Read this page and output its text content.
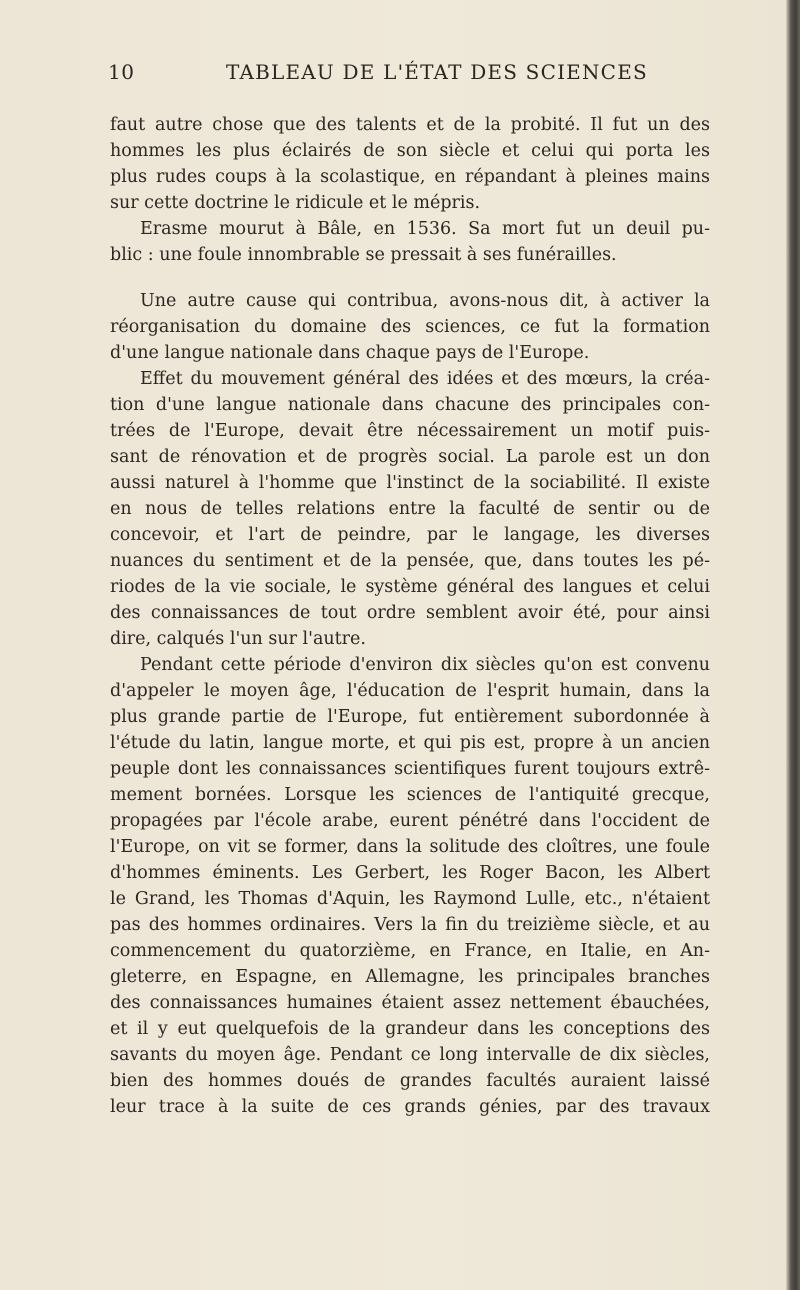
10	TABLEAU DE L'ÉTAT DES SCIENCES
faut autre chose que des talents et de la probité. Il fut un des
hommes les plus éclairés de son siècle et celui qui porta les
plus rudes coups à la scolastique, en répandant à pleines mains
sur cette doctrine le ridicule et le mépris.
Erasme mourut à Bâle, en 1536. Sa mort fut un deuil pu-
blic : une foule innombrable se pressait à ses funérailles.
Une autre cause qui contribua, avons-nous dit, à activer la
réorganisation du domaine des sciences, ce fut la formation
d'une langue nationale dans chaque pays de l'Europe.
Effet du mouvement général des idées et des mœurs, la créa-
tion d'une langue nationale dans chacune des principales con-
trées de l'Europe, devait être nécessairement un motif puis-
sant de rénovation et de progrès social. La parole est un don
aussi naturel à l'homme que l'instinct de la sociabilité. Il existe
en nous de telles relations entre la faculté de sentir ou de
concevoir, et l'art de peindre, par le langage, les diverses
nuances du sentiment et de la pensée, que, dans toutes les pé-
riodes de la vie sociale, le système général des langues et celui
des connaissances de tout ordre semblent avoir été, pour ainsi
dire, calqués l'un sur l'autre.
Pendant cette période d'environ dix siècles qu'on est convenu
d'appeler le moyen âge, l'éducation de l'esprit humain, dans la
plus grande partie de l'Europe, fut entièrement subordonnée à
l'étude du latin, langue morte, et qui pis est, propre à un ancien
peuple dont les connaissances scientifiques furent toujours extrê-
mement bornées. Lorsque les sciences de l'antiquité grecque,
propagées par l'école arabe, eurent pénétré dans l'occident de
l'Europe, on vit se former, dans la solitude des cloîtres, une foule
d'hommes éminents. Les Gerbert, les Roger Bacon, les Albert
le Grand, les Thomas d'Aquin, les Raymond Lulle, etc., n'étaient
pas des hommes ordinaires. Vers la fin du treizième siècle, et au
commencement du quatorzième, en France, en Italie, en An-
gleterre, en Espagne, en Allemagne, les principales branches
des connaissances humaines étaient assez nettement ébauchées,
et il y eut quelquefois de la grandeur dans les conceptions des
savants du moyen âge. Pendant ce long intervalle de dix siècles,
bien des hommes doués de grandes facultés auraient laissé
leur trace à la suite de ces grands génies, par des travaux
